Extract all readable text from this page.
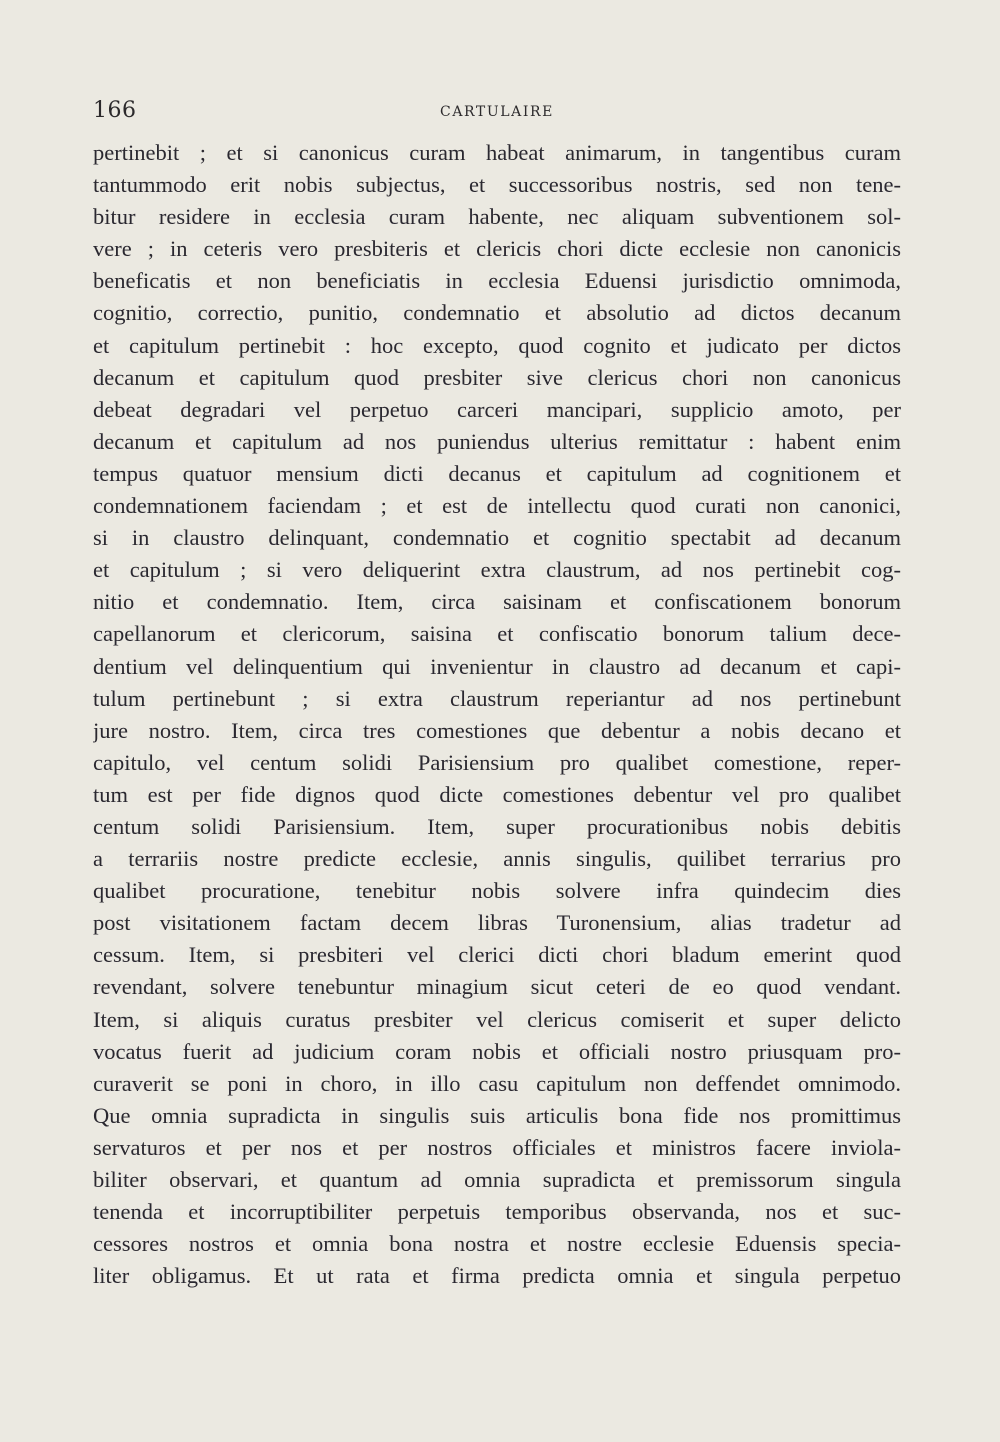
166	CARTULAIRE
pertinebit ; et si canonicus curam habeat animarum, in tangentibus curam
tantummodo erit nobis subjectus, et successoribus nostris, sed non tene-
bitur residere in ecclesia curam habente, nec aliquam subventionem sol-
vere ; in ceteris vero presbiteris et clericis chori dicte ecclesie non canonicis
beneficatis et non beneficiatis in ecclesia Eduensi jurisdictio omnimoda,
cognitio, correctio, punitio, condemnatio et absolutio ad dictos decanum
et capitulum pertinebit : hoc excepto, quod cognito et judicato per dictos
decanum et capitulum quod presbiter sive clericus chori non canonicus
debeat degradari vel perpetuo carceri mancipari, supplicio amoto, per
decanum et capitulum ad nos puniendus ulterius remittatur : habent enim
tempus quatuor mensium dicti decanus et capitulum ad cognitionem et
condemnationem faciendam ; et est de intellectu quod curati non canonici,
si in claustro delinquant, condemnatio et cognitio spectabit ad decanum
et capitulum ; si vero deliquerint extra claustrum, ad nos pertinebit cog-
nitio et condemnatio. Item, circa saisinam et confiscationem bonorum
capellanorum et clericorum, saisina et confiscatio bonorum talium dece-
dentium vel delinquentium qui invenientur in claustro ad decanum et capi-
tulum pertinebunt ; si extra claustrum reperiantur ad nos pertinebunt
jure nostro. Item, circa tres comestiones que debentur a nobis decano et
capitulo, vel centum solidi Parisiensium pro qualibet comestione, reper-
tum est per fide dignos quod dicte comestiones debentur vel pro qualibet
centum solidi Parisiensium. Item, super procurationibus nobis debitis
a terrariis nostre predicte ecclesie, annis singulis, quilibet terrarius pro
qualibet procuratione, tenebitur nobis solvere infra quindecim dies
post visitationem factam decem libras Turonensium, alias tradetur ad
cessum. Item, si presbiteri vel clerici dicti chori bladum emerint quod
revendant, solvere tenebuntur minagium sicut ceteri de eo quod vendant.
Item, si aliquis curatus presbiter vel clericus comiserit et super delicto
vocatus fuerit ad judicium coram nobis et officiali nostro priusquam pro-
curaverit se poni in choro, in illo casu capitulum non deffendet omnimodo.
Que omnia supradicta in singulis suis articulis bona fide nos promittimus
servaturos et per nos et per nostros officiales et ministros facere inviola-
biliter observari, et quantum ad omnia supradicta et premissorum singula
tenenda et incorruptibiliter perpetuis temporibus observanda, nos et suc-
cessores nostros et omnia bona nostra et nostre ecclesie Eduensis specia-
liter obligamus. Et ut rata et firma predicta omnia et singula perpetuo
